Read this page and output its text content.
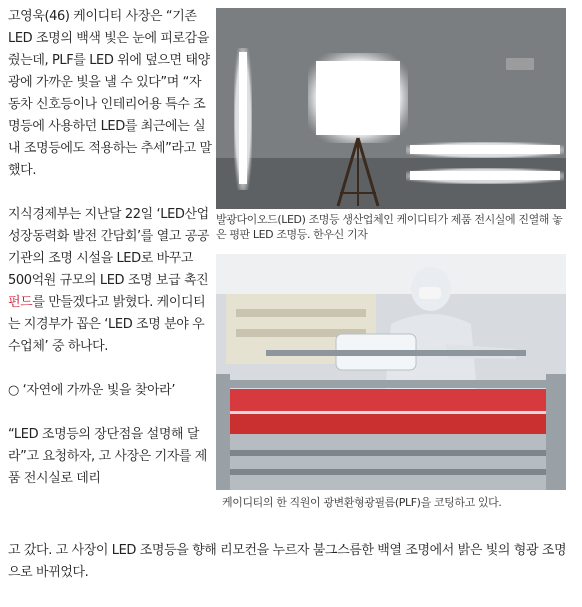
고영욱(46) 케이디티 사장은 “기존 LED 조명의 백색 빛은 눈에 피로감을 줬는데, PLF를 LED 위에 덮으면 태양광에 가까운 빛을 낼 수 있다”며 “자동차 신호등이나 인테리어용 특수 조명등에 사용하던 LED를 최근에는 실내 조명등에도 적용하는 추세”라고 말했다.

지식경제부는 지난달 22일 ‘LED산업 성장동력화 발전 간담회’를 열고 공공기관의 조명 시설을 LED로 바꾸고 500억원 규모의 LED 조명 보급 촉진펀드를 만들겠다고 밝혔다. 케이디티는 지경부가 꼽은 ‘LED 조명 분야 우수업체’ 중 하나다.

○ ‘자연에 가까운 빛을 찾아라’

“LED 조명등의 장단점을 설명해 달라”고 요청하자, 고 사장은 기자를 제품 전시실로 데리

고 갔다. 고 사장이 LED 조명등을 향해 리모컨을 누르자 불그스름한 백열 조명에서 밝은 빛의 형광 조명으로 바뀌었다.
발광다이오드(LED) 조명등 생산업체인 케이디티가 제품 전시실에 진열해 놓은 평판 LED 조명등. 한우신 기자
케이디티의 한 직원이 광변환형광필름(PLF)을 코팅하고 있다.
